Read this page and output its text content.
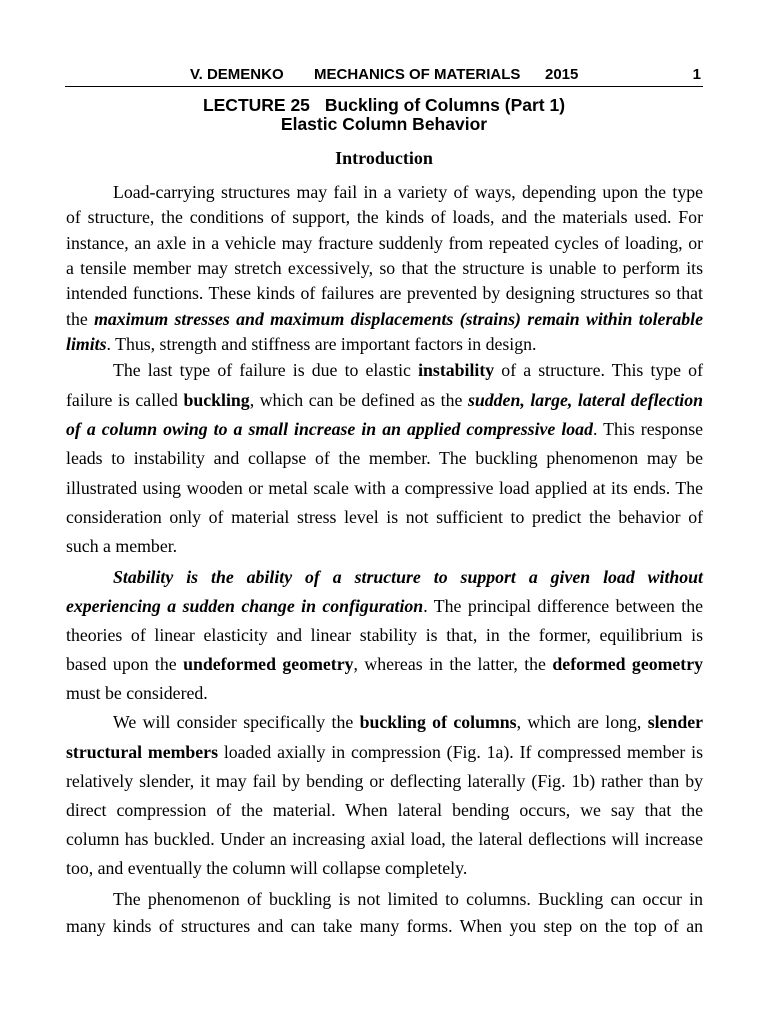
V. DEMENKO MECHANICS OF MATERIALS 2015	1
LECTURE 25 Buckling of Columns (Part 1)
Elastic Column Behavior
Introduction
Load-carrying structures may fail in a variety of ways, depending upon the type
of structure, the conditions of support, the kinds of loads, and the materials used. For
instance, an axle in a vehicle may fracture suddenly from repeated cycles of loading, or
a tensile member may stretch excessively, so that the structure is unable to perform its
intended functions. These kinds of failures are prevented by designing structures so that
the maximum stresses and maximum displacements (strains) remain within tolerable
limits. Thus, strength and stiffness are important factors in design.
The last type of failure is due to elastic instability of a structure. This type of
failure is called buckling, which can be defined as the sudden, large, lateral deflection
of a column owing to a small increase in an applied compressive load. This response
leads to instability and collapse of the member. The buckling phenomenon may be
illustrated using wooden or metal scale with a compressive load applied at its ends. The
consideration only of material stress level is not sufficient to predict the behavior of
such a member.
Stability is the ability of a structure to support a given load without
experiencing a sudden change in configuration. The principal difference between the
theories of linear elasticity and linear stability is that, in the former, equilibrium is
based upon the undeformed geometry, whereas in the latter, the deformed geometry
must be considered.
We will consider specifically the buckling of columns, which are long, slender
structural members loaded axially in compression (Fig. 1a). If compressed member is
relatively slender, it may fail by bending or deflecting laterally (Fig. 1b) rather than by
direct compression of the material. When lateral bending occurs, we say that the
column has buckled. Under an increasing axial load, the lateral deflections will increase
too, and eventually the column will collapse completely.
The phenomenon of buckling is not limited to columns. Buckling can occur in
many kinds of structures and can take many forms. When you step on the top of an
